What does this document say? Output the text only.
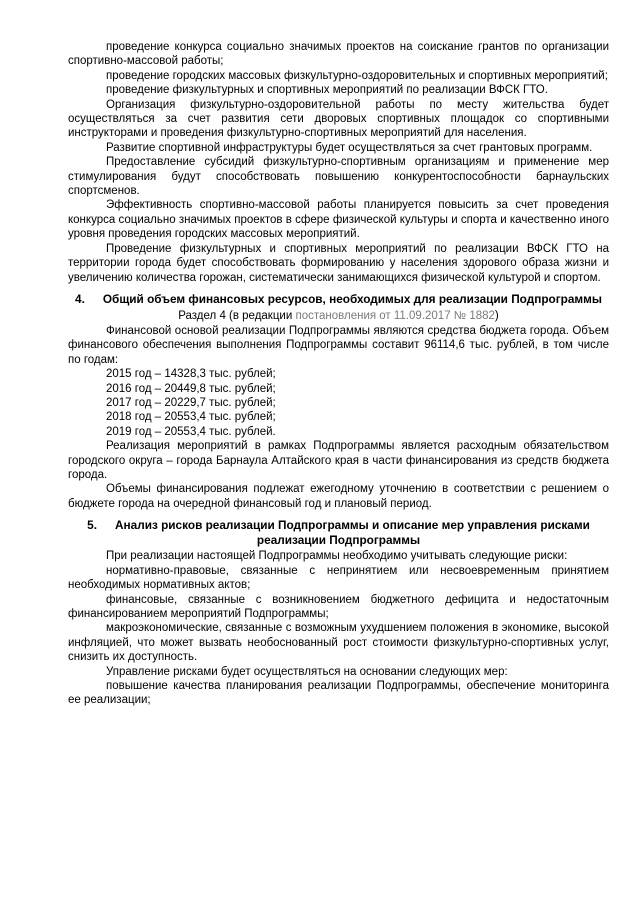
проведение конкурса социально значимых проектов на соискание грантов по организации спортивно-массовой работы;

проведение городских массовых физкультурно-оздоровительных и спортивных мероприятий;

проведение физкультурных и спортивных мероприятий по реализации ВФСК ГТО.

Организация физкультурно-оздоровительной работы по месту жительства будет осуществляться за счет развития сети дворовых спортивных площадок со спортивными инструкторами и проведения физкультурно-спортивных мероприятий для населения.

Развитие спортивной инфраструктуры будет осуществляться за счет грантовых программ.

Предоставление субсидий физкультурно-спортивным организациям и применение мер стимулирования будут способствовать повышению конкурентоспособности барнаульских спортсменов.

Эффективность спортивно-массовой работы планируется повысить за счет проведения конкурса социально значимых проектов в сфере физической культуры и спорта и качественно иного уровня проведения городских массовых мероприятий.

Проведение физкультурных и спортивных мероприятий по реализации ВФСК ГТО на территории города будет способствовать формированию у населения здорового образа жизни и увеличению количества горожан, систематически занимающихся физической культурой и спортом.

4. Общий объем финансовых ресурсов, необходимых для реализации Подпрограммы
Раздел 4 (в редакции постановления от 11.09.2017 № 1882)

Финансовой основой реализации Подпрограммы являются средства бюджета города. Объем финансового обеспечения выполнения Подпрограммы составит 96114,6 тыс. рублей, в том числе по годам:

2015 год – 14328,3 тыс. рублей;

2016 год – 20449,8 тыс. рублей;

2017 год – 20229,7 тыс. рублей;

2018 год – 20553,4 тыс. рублей;

2019 год – 20553,4 тыс. рублей.

Реализация мероприятий в рамках Подпрограммы является расходным обязательством городского округа – города Барнаула Алтайского края в части финансирования из средств бюджета города.

Объемы финансирования подлежат ежегодному уточнению в соответствии с решением о бюджете города на очередной финансовый год и плановый период.

5. Анализ рисков реализации Подпрограммы и описание мер управления рисками реализации Подпрограммы

При реализации настоящей Подпрограммы необходимо учитывать следующие риски:

нормативно-правовые, связанные с непринятием или несвоевременным принятием необходимых нормативных актов;

финансовые, связанные с возникновением бюджетного дефицита и недостаточным финансированием мероприятий Подпрограммы;

макроэкономические, связанные с возможным ухудшением положения в экономике, высокой инфляцией, что может вызвать необоснованный рост стоимости физкультурно-спортивных услуг, снизить их доступность.

Управление рисками будет осуществляться на основании следующих мер:

повышение качества планирования реализации Подпрограммы, обеспечение мониторинга ее реализации;
